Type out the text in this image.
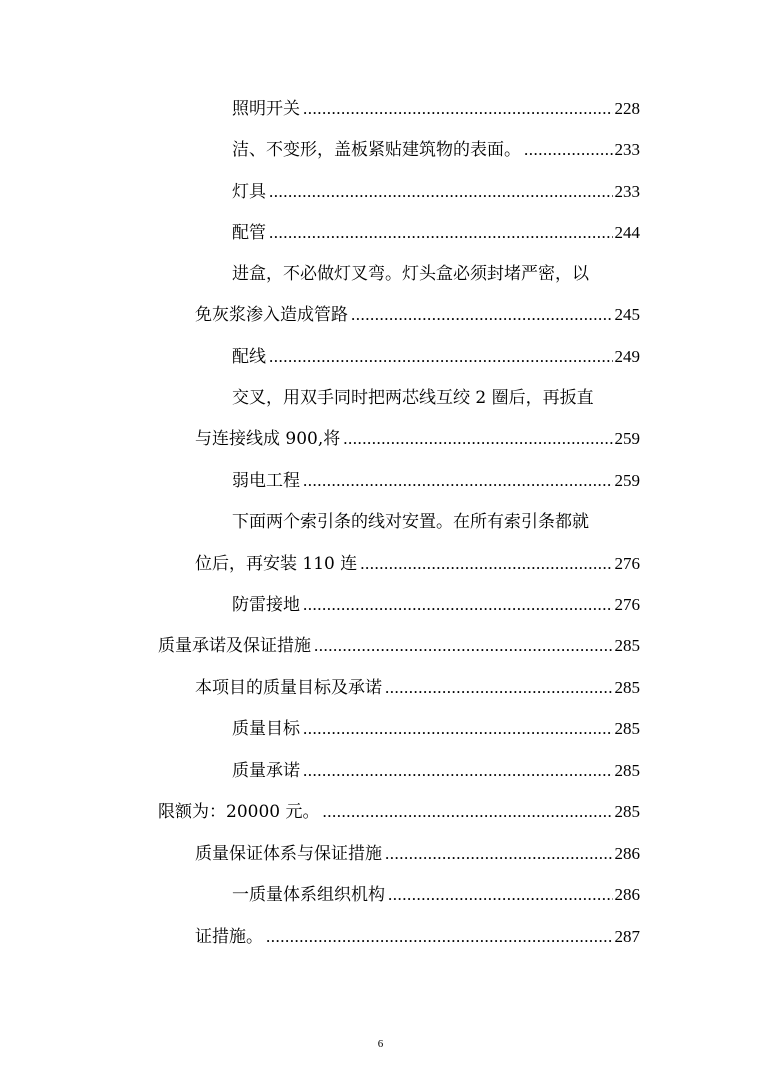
照明开关 .....	228
洁、不变形，盖板紧贴建筑物的表面。 .....	233
灯具 .....	233
配管 .....	244
进盒，不必做灯叉弯。灯头盒必须封堵严密，以
免灰浆渗入造成管路 .....	245
配线 .....	249
交叉，用双手同时把两芯线互绞 2 圈后，再扳直
与连接线成 900,将 .....	259
弱电工程 .....	259
下面两个索引条的线对安置。在所有索引条都就
位后，再安装 110 连 .....	276
防雷接地 .....	276
质量承诺及保证措施 .....	285
本项目的质量目标及承诺 .....	285
质量目标 .....	285
质量承诺 .....	285
限额为：20000 元。 .....	285
质量保证体系与保证措施 .....	286
一质量体系组织机构 .....	286
证措施。 .....	287
6
